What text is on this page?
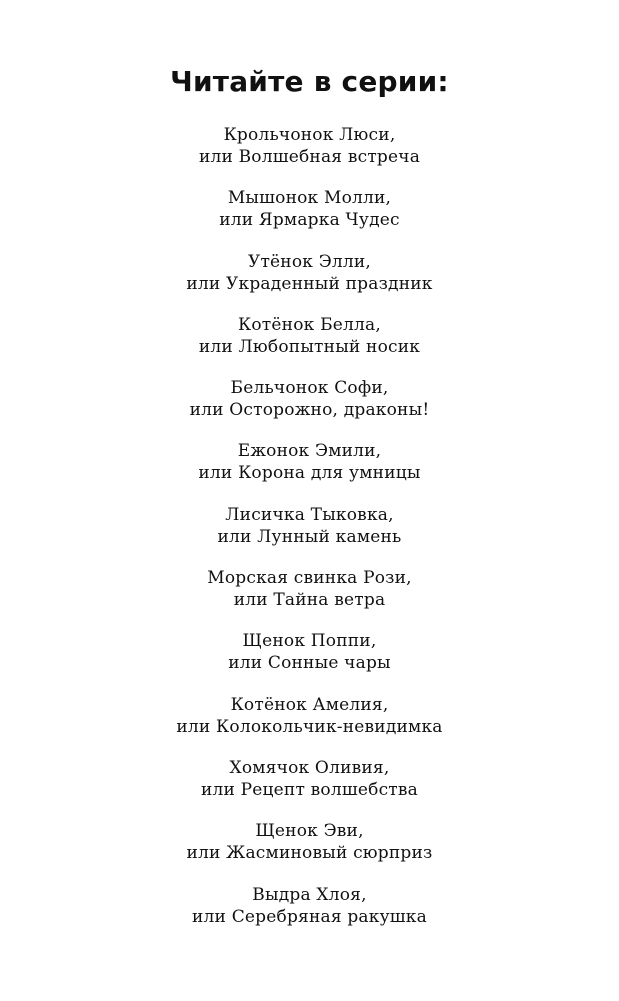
Читайте в серии:
Крольчонок Люси,
или Волшебная встреча
Мышонок Молли,
или Ярмарка Чудес
Утёнок Элли,
или Украденный праздник
Котёнок Белла,
или Любопытный носик
Бельчонок Софи,
или Осторожно, драконы!
Ежонок Эмили,
или Корона для умницы
Лисичка Тыковка,
или Лунный камень
Морская свинка Рози,
или Тайна ветра
Щенок Поппи,
или Сонные чары
Котёнок Амелия,
или Колокольчик-невидимка
Хомячок Оливия,
или Рецепт волшебства
Щенок Эви,
или Жасминовый сюрприз
Выдра Хлоя,
или Серебряная ракушка
